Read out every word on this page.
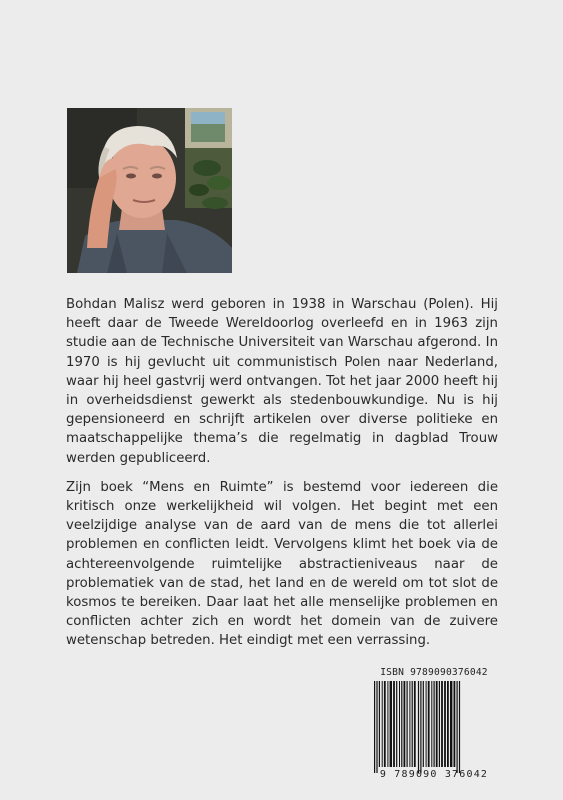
Bohdan Malisz werd geboren in 1938 in Warschau (Polen). Hij heeft daar de Tweede Wereldoorlog overleefd en in 1963 zijn studie aan de Technische Universiteit van Warschau afgerond. In 1970 is hij gevlucht uit communistisch Polen naar Nederland, waar hij heel gastvrij werd ontvangen. Tot het jaar 2000 heeft hij in overheidsdienst gewerkt als stedenbouwkundige. Nu is hij gepensioneerd en schrijft artikelen over diverse politieke en maatschappelijke thema’s die regelmatig in dagblad Trouw werden gepubliceerd.

Zijn boek “Mens en Ruimte” is bestemd voor iedereen die kritisch onze werkelijkheid wil volgen. Het begint met een veelzijdige analyse van de aard van de mens die tot allerlei problemen en conflicten leidt. Vervolgens klimt het boek via de achtereenvolgende ruimtelijke abstractieniveaus naar de problematiek van de stad, het land en de wereld om tot slot de kosmos te bereiken. Daar laat het alle menselijke problemen en conflicten achter zich en wordt het domein van de zuivere wetenschap betreden. Het eindigt met een verrassing.

ISBN 9789090376042
9 789090 376042
